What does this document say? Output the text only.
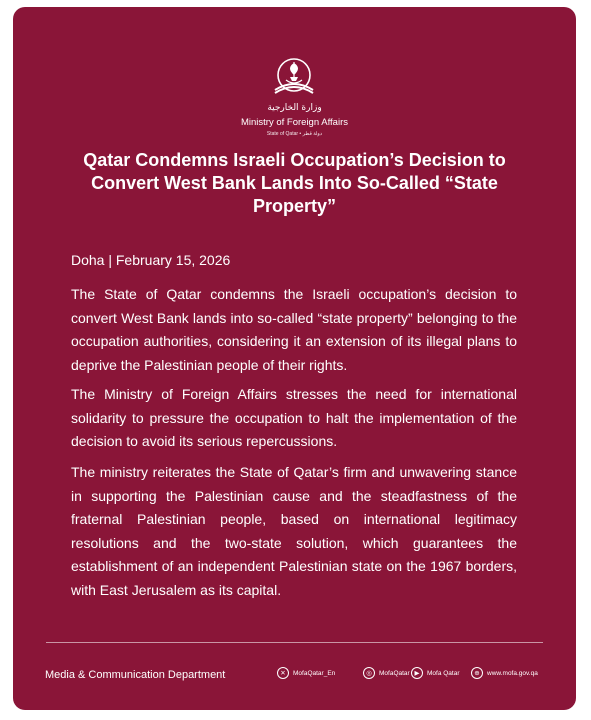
وزارة الخارجية
Ministry of Foreign Affairs
State of Qatar • دولة قطر
Qatar Condemns Israeli Occupation’s Decision to Convert West Bank Lands Into So-Called “State Property”
Doha | February 15, 2026
The State of Qatar condemns the Israeli occupation’s decision to convert West Bank lands into so-called “state property” belonging to the occupation authorities, considering it an extension of its illegal plans to deprive the Palestinian people of their rights.
The Ministry of Foreign Affairs stresses the need for international solidarity to pressure the occupation to halt the implementation of the decision to avoid its serious repercussions.
The ministry reiterates the State of Qatar’s firm and unwavering stance in supporting the Palestinian cause and the steadfastness of the fraternal Palestinian people, based on international legitimacy resolutions and the two-state solution, which guarantees the establishment of an independent Palestinian state on the 1967 borders, with East Jerusalem as its capital.
Media & Communication Department	✕	MofaQatar_En	◎	MofaQatar ▶	Mofa Qatar	⊕	www.mofa.gov.qa
